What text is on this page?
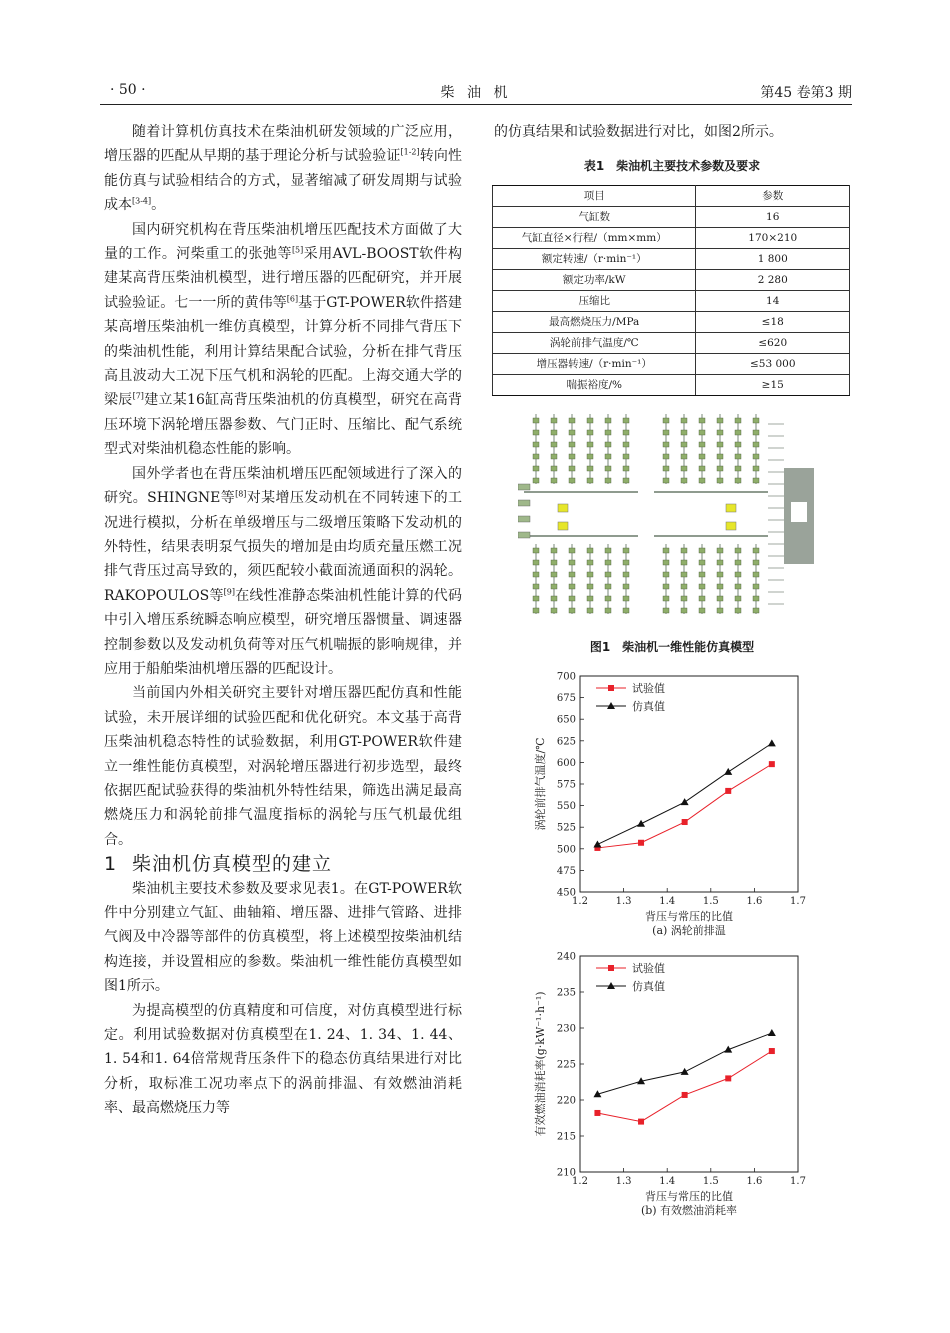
· 50 ·	柴 油 机	第45 卷第3 期

随着计算机仿真技术在柴油机研发领域的广泛应用，增压器的匹配从早期的基于理论分析与试验验证[1-2]转向性能仿真与试验相结合的方式，显著缩减了研发周期与试验成本[3-4]。

国内研究机构在背压柴油机增压匹配技术方面做了大量的工作。河柴重工的张弛等[5]采用AVL-BOOST软件构建某高背压柴油机模型，进行增压器的匹配研究，并开展试验验证。七一一所的黄伟等[6]基于GT-POWER软件搭建某高增压柴油机一维仿真模型，计算分析不同排气背压下的柴油机性能，利用计算结果配合试验，分析在排气背压高且波动大工况下压气机和涡轮的匹配。上海交通大学的梁辰[7]建立某16缸高背压柴油机的仿真模型，研究在高背压环境下涡轮增压器参数、气门正时、压缩比、配气系统型式对柴油机稳态性能的影响。

国外学者也在背压柴油机增压匹配领域进行了深入的研究。SHINGNE等[8]对某增压发动机在不同转速下的工况进行模拟，分析在单级增压与二级增压策略下发动机的外特性，结果表明泵气损失的增加是由均质充量压燃工况排气背压过高导致的，须匹配较小截面流通面积的涡轮。RAKOPOULOS等[9]在线性准静态柴油机性能计算的代码中引入增压系统瞬态响应模型，研究增压器惯量、调速器控制参数以及发动机负荷等对压气机喘振的影响规律，并应用于船舶柴油机增压器的匹配设计。

当前国内外相关研究主要针对增压器匹配仿真和性能试验，未开展详细的试验匹配和优化研究。本文基于高背压柴油机稳态特性的试验数据，利用GT-POWER软件建立一维性能仿真模型，对涡轮增压器进行初步选型，最终依据匹配试验获得的柴油机外特性结果，筛选出满足最高燃烧压力和涡轮前排气温度指标的涡轮与压气机最优组合。

1 柴油机仿真模型的建立

柴油机主要技术参数及要求见表1。在GT-POWER软件中分别建立气缸、曲轴箱、增压器、进排气管路、进排气阀及中冷器等部件的仿真模型，将上述模型按柴油机结构连接，并设置相应的参数。柴油机一维性能仿真模型如图1所示。

为提高模型的仿真精度和可信度，对仿真模型进行标定。利用试验数据对仿真模型在1. 24、1. 34、1. 44、1. 54和1. 64倍常规背压条件下的稳态仿真结果进行对比分析，取标准工况功率点下的涡前排温、有效燃油消耗率、最高燃烧压力等

的仿真结果和试验数据进行对比，如图2所示。

表1　柴油机主要技术参数及要求
项目	参数
气缸数	16
气缸直径×行程/（mm×mm）	170×210
额定转速/（r·min⁻¹）	1 800
额定功率/kW	2 280
压缩比	14
最高燃烧压力/MPa	≤18
涡轮前排气温度/℃	≤620
增压器转速/（r·min⁻¹）	≤53 000
喘振裕度/%	≥15
图1　柴油机一维性能仿真模型
450
475
500
525
550
575
600
625
650
675
700
1.2	1.3	1.4	1.5	1.6	1.7
背压与常压的比值
(a) 涡轮前排温
涡轮前排气温度/℃
试验值
仿真值
210
215
220
225
230
235
240
1.2	1.3	1.4	1.5	1.6	1.7
背压与常压的比值
(b) 有效燃油消耗率
有效燃油消耗率(g·kW⁻¹·h⁻¹)
试验值
仿真值
